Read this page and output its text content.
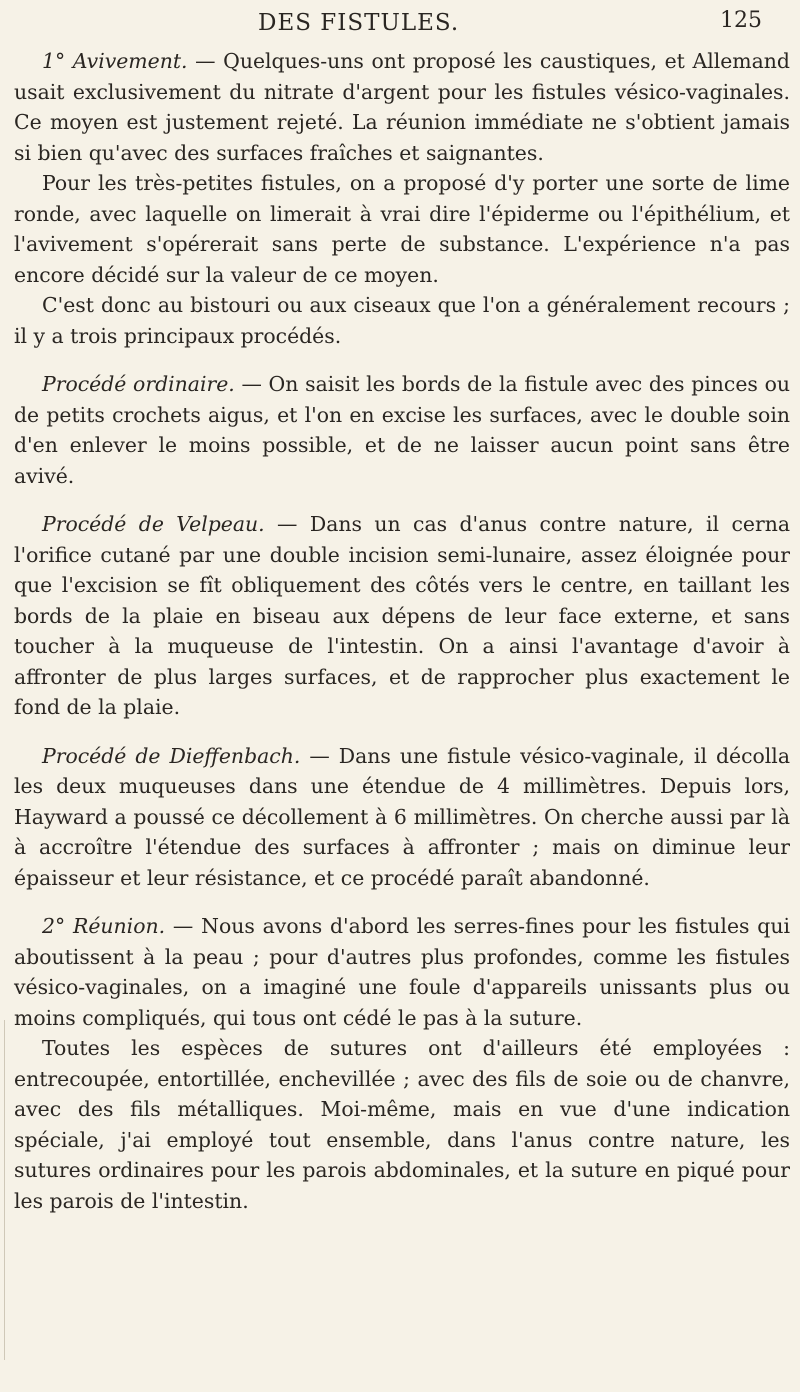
DES FISTULES.	125

1° Avivement. — Quelques-uns ont proposé les caustiques, et Allemand usait exclusivement du nitrate d'argent pour les fistules vésico-vaginales. Ce moyen est justement rejeté. La réunion immédiate ne s'obtient jamais si bien qu'avec des surfaces fraîches et saignantes.

Pour les très-petites fistules, on a proposé d'y porter une sorte de lime ronde, avec laquelle on limerait à vrai dire l'épiderme ou l'épithélium, et l'avivement s'opérerait sans perte de substance. L'expérience n'a pas encore décidé sur la valeur de ce moyen.

C'est donc au bistouri ou aux ciseaux que l'on a généralement recours ; il y a trois principaux procédés.

Procédé ordinaire. — On saisit les bords de la fistule avec des pinces ou de petits crochets aigus, et l'on en excise les surfaces, avec le double soin d'en enlever le moins possible, et de ne laisser aucun point sans être avivé.

Procédé de Velpeau. — Dans un cas d'anus contre nature, il cerna l'orifice cutané par une double incision semi-lunaire, assez éloignée pour que l'excision se fît obliquement des côtés vers le centre, en taillant les bords de la plaie en biseau aux dépens de leur face externe, et sans toucher à la muqueuse de l'intestin. On a ainsi l'avantage d'avoir à affronter de plus larges surfaces, et de rapprocher plus exactement le fond de la plaie.

Procédé de Dieffenbach. — Dans une fistule vésico-vaginale, il décolla les deux muqueuses dans une étendue de 4 millimètres. Depuis lors, Hayward a poussé ce décollement à 6 millimètres. On cherche aussi par là à accroître l'étendue des surfaces à affronter ; mais on diminue leur épaisseur et leur résistance, et ce procédé paraît abandonné.

2° Réunion. — Nous avons d'abord les serres-fines pour les fistules qui aboutissent à la peau ; pour d'autres plus profondes, comme les fistules vésico-vaginales, on a imaginé une foule d'appareils unissants plus ou moins compliqués, qui tous ont cédé le pas à la suture.

Toutes les espèces de sutures ont d'ailleurs été employées : entrecoupée, entortillée, enchevillée ; avec des fils de soie ou de chanvre, avec des fils métalliques. Moi-même, mais en vue d'une indication spéciale, j'ai employé tout ensemble, dans l'anus contre nature, les sutures ordinaires pour les parois abdominales, et la suture en piqué pour les parois de l'intestin.
